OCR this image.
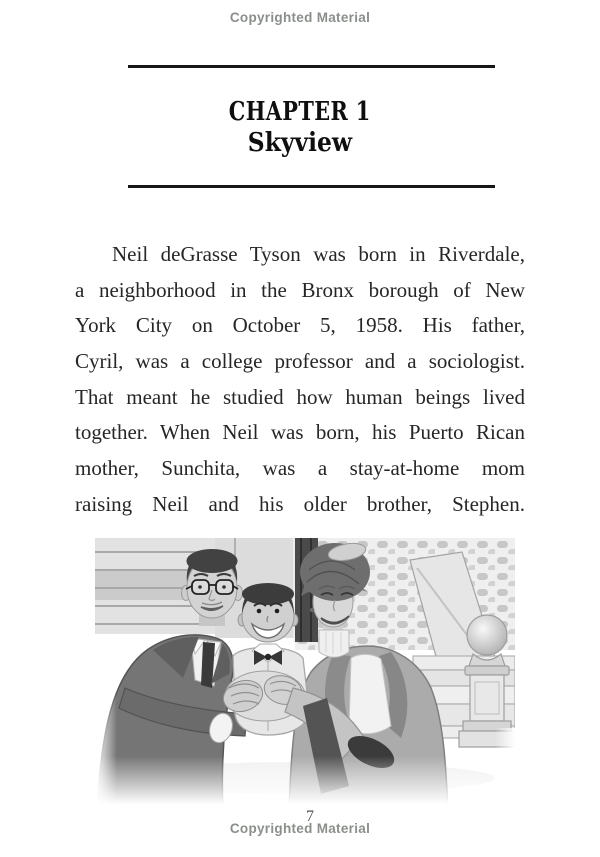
Copyrighted Material
CHAPTER 1
Skyview
Neil deGrasse Tyson was born in Riverdale,
a neighborhood in the Bronx borough of New
York City on October 5, 1958. His father,
Cyril, was a college professor and a sociologist.
That meant he studied how human beings lived
together. When Neil was born, his Puerto Rican
mother, Sunchita, was a stay-at-home mom
raising Neil and his older brother, Stephen.
7
Copyrighted Material
